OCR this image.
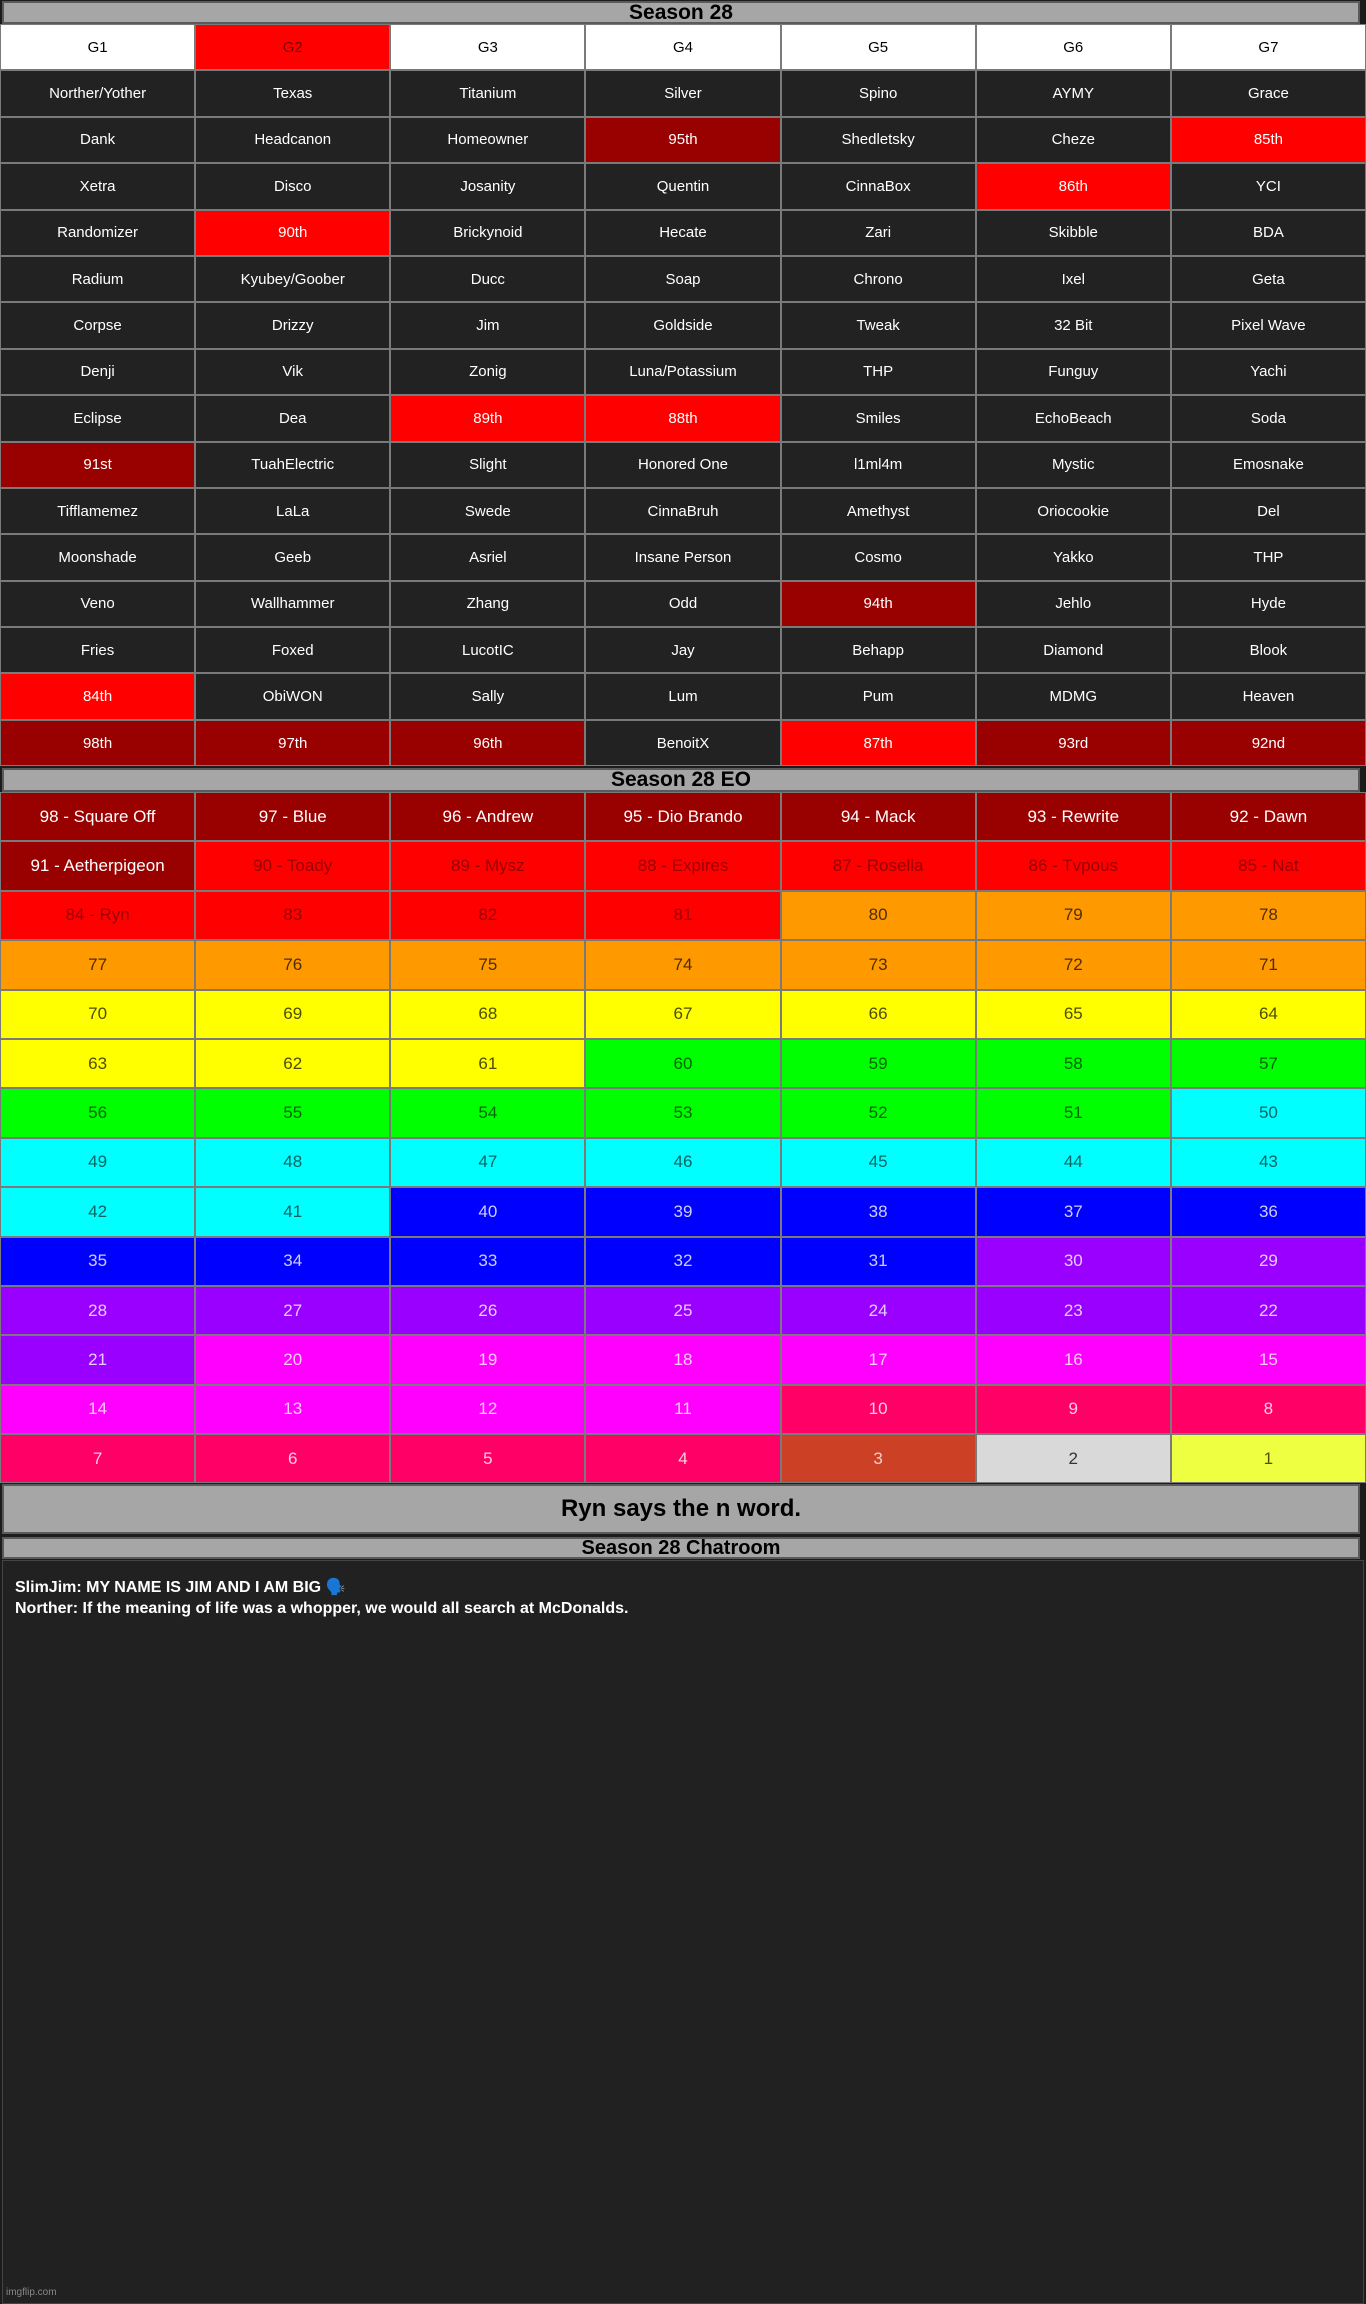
Season 28
G1	G2	G3	G4	G5	G6	G7
Norther/Yother	Texas	Titanium	Silver	Spino	AYMY	Grace
Dank	Headcanon	Homeowner	95th	Shedletsky	Cheze	85th
Xetra	Disco	Josanity	Quentin	CinnaBox	86th	YCI
Randomizer	90th	Brickynoid	Hecate	Zari	Skibble	BDA
Radium	Kyubey/Goober	Ducc	Soap	Chrono	Ixel	Geta
Corpse	Drizzy	Jim	Goldside	Tweak	32 Bit	Pixel Wave
Denji	Vik	Zonig	Luna/Potassium	THP	Funguy	Yachi
Eclipse	Dea	89th	88th	Smiles	EchoBeach	Soda
91st	TuahElectric	Slight	Honored One	l1ml4m	Mystic	Emosnake
Tifflamemez	LaLa	Swede	CinnaBruh	Amethyst	Oriocookie	Del
Moonshade	Geeb	Asriel	Insane Person	Cosmo	Yakko	THP
Veno	Wallhammer	Zhang	Odd	94th	Jehlo	Hyde
Fries	Foxed	LucotIC	Jay	Behapp	Diamond	Blook
84th	ObiWON	Sally	Lum	Pum	MDMG	Heaven
98th	97th	96th	BenoitX	87th	93rd	92nd
Season 28 EO
98 - Square Off	97 - Blue	96 - Andrew	95 - Dio Brando	94 - Mack	93 - Rewrite	92 - Dawn
91 - Aetherpigeon	90 - Toady	89 - Mysz	88 - Expires	87 - Rosella	86 - Tvpous	85 - Nat
84 - Ryn	83	82	81	80	79	78
77	76	75	74	73	72	71
70	69	68	67	66	65	64
63	62	61	60	59	58	57
56	55	54	53	52	51	50
49	48	47	46	45	44	43
42	41	40	39	38	37	36
35	34	33	32	31	30	29
28	27	26	25	24	23	22
21	20	19	18	17	16	15
14	13	12	11	10	9	8
7	6	5	4	3	2	1
Ryn says the n word.
Season 28 Chatroom
SlimJim: MY NAME IS JIM AND I AM BIG 🗣️
Norther: If the meaning of life was a whopper, we would all search at McDonalds.
imgflip.com
